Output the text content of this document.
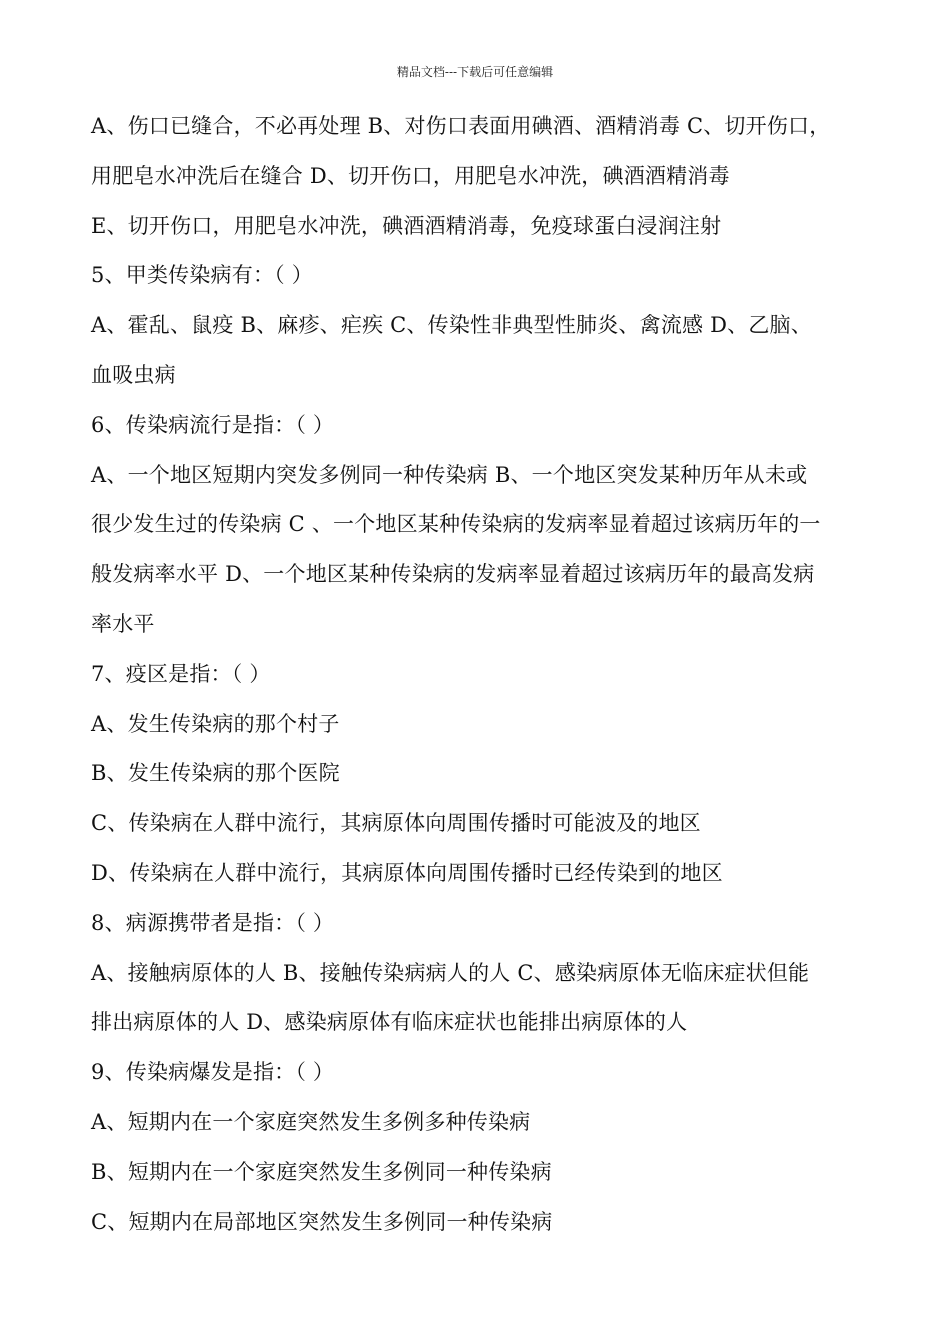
精品文档---下载后可任意编辑
A、伤口已缝合，不必再处理 B、对伤口表面用碘酒、酒精消毒 C、切开伤口，
用肥皂水冲洗后在缝合 D、切开伤口，用肥皂水冲洗，碘酒酒精消毒
E、切开伤口，用肥皂水冲洗，碘酒酒精消毒，免疫球蛋白浸润注射
5、甲类传染病有：（ ）
A、霍乱、鼠疫 B、麻疹、疟疾 C、传染性非典型性肺炎、禽流感 D、乙脑、
血吸虫病
6、传染病流行是指：（ ）
A、一个地区短期内突发多例同一种传染病 B、一个地区突发某种历年从未或
很少发生过的传染病 C 、一个地区某种传染病的发病率显着超过该病历年的一
般发病率水平 D、一个地区某种传染病的发病率显着超过该病历年的最高发病
率水平
7、疫区是指：（ ）
A、发生传染病的那个村子
B、发生传染病的那个医院
C、传染病在人群中流行，其病原体向周围传播时可能波及的地区
D、传染病在人群中流行，其病原体向周围传播时已经传染到的地区
8、病源携带者是指：（ ）
A、接触病原体的人 B、接触传染病病人的人 C、感染病原体无临床症状但能
排出病原体的人 D、感染病原体有临床症状也能排出病原体的人
9、传染病爆发是指：（ ）
A、短期内在一个家庭突然发生多例多种传染病
B、短期内在一个家庭突然发生多例同一种传染病
C、短期内在局部地区突然发生多例同一种传染病
